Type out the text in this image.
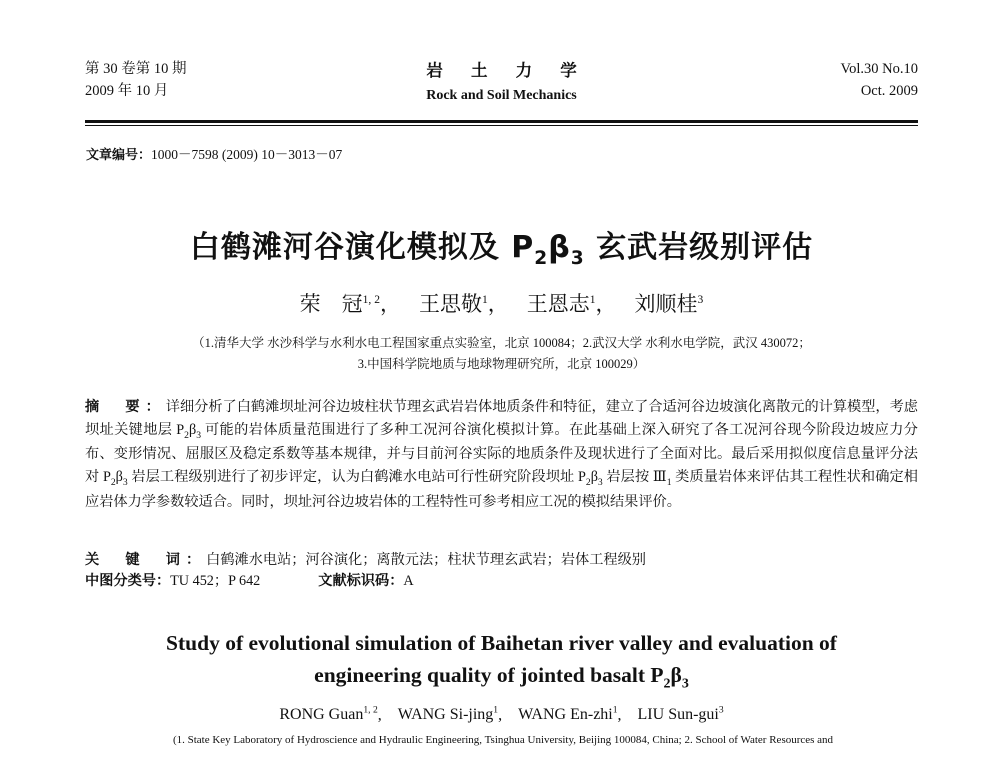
第 30 卷第 10 期
2009 年 10 月
岩 土 力 学
Rock and Soil Mechanics
Vol.30 No.10
Oct. 2009
文章编号：1000－7598 (2009) 10－3013－07
白鹤滩河谷演化模拟及 $P_2\beta_3$ 玄武岩级别评估
荣　冠$^{1, 2}$， 王思敬$^1$， 王恩志$^1$， 刘顺桂$^3$
（1.清华大学 水沙科学与水利水电工程国家重点实验室，北京 100084；2.武汉大学 水利水电学院，武汉 430072；
3.中国科学院地质与地球物理研究所，北京 100029）
摘　要：详细分析了白鹤滩坝址河谷边坡柱状节理玄武岩岩体地质条件和特征，建立了合适河谷边坡演化离散元的计算模型，考虑坝址关键地层 $P_2\beta_3$ 可能的岩体质量范围进行了多种工况河谷演化模拟计算。在此基础上深入研究了各工况河谷现今阶段边坡应力分布、变形情况、屈服区及稳定系数等基本规律，并与目前河谷实际的地质条件及现状进行了全面对比。最后采用拟似度信息量评分法对 $P_2\beta_3$ 岩层工程级别进行了初步评定，认为白鹤滩水电站可行性研究阶段坝址 $P_2\beta_3$ 岩层按 $Ⅲ_1$ 类质量岩体来评估其工程性状和确定相应岩体力学参数较适合。同时，坝址河谷边坡岩体的工程特性可参考相应工况的模拟结果评价。
关　键　词：白鹤滩水电站；河谷演化；离散元法；柱状节理玄武岩；岩体工程级别
中图分类号：TU 452；P 642	文献标识码：A
Study of evolutional simulation of Baihetan river valley and evaluation of
engineering quality of jointed basalt $P_2\beta_3$
RONG Guan$^{1, 2}$, WANG Si-jing$^1$, WANG En-zhi$^1$, LIU Sun-gui$^3$
(1. State Key Laboratory of Hydroscience and Hydraulic Engineering, Tsinghua University, Beijing 100084, China; 2. School of Water Resources and
